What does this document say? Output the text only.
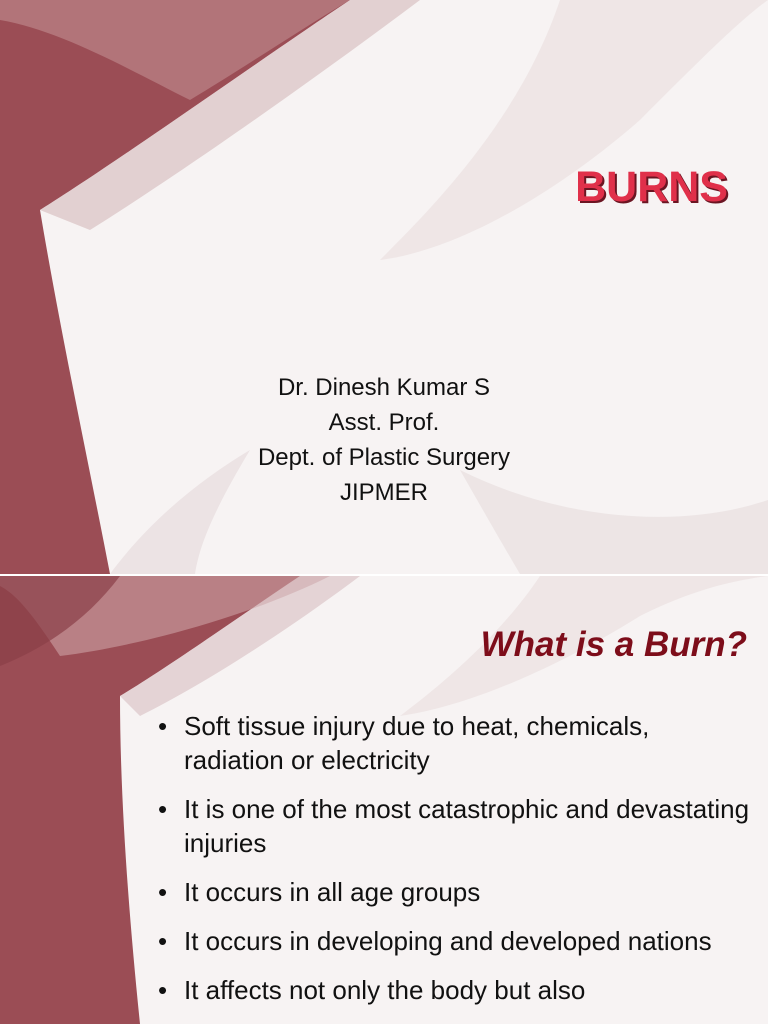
BURNS
Dr. Dinesh Kumar S
Asst. Prof.
Dept. of Plastic Surgery
JIPMER
What is a Burn?
• Soft tissue injury due to heat, chemicals, radiation or electricity
• It is one of the most catastrophic and devastating injuries
• It occurs in all age groups
• It occurs in developing and developed nations
• It affects not only the body but also
